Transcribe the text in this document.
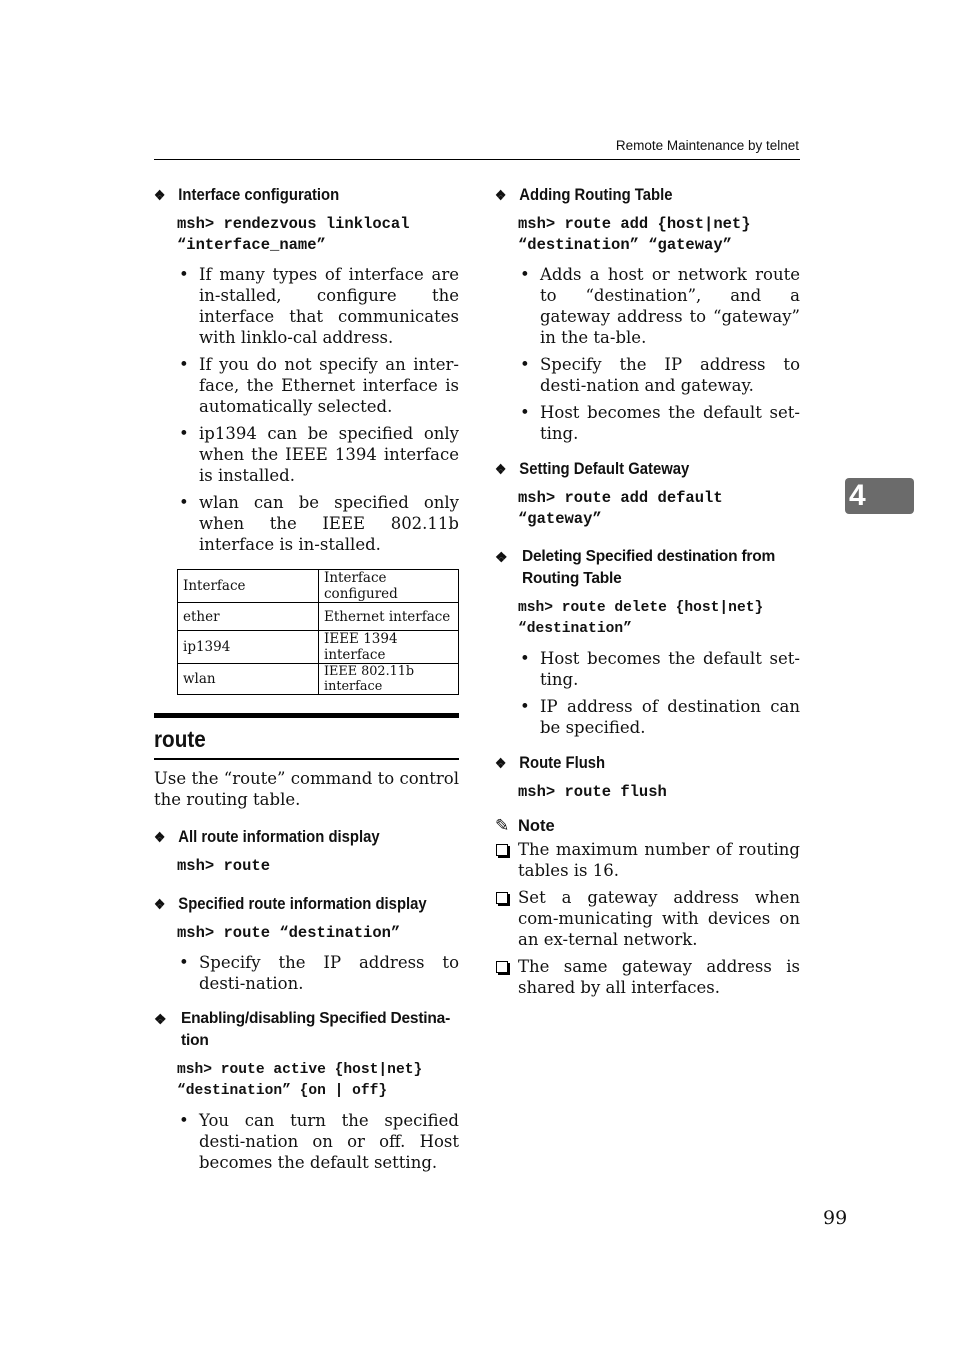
Remote Maintenance by telnet
❖ Interface configuration
msh> rendezvous linklocal
“interface_name”
• If many types of interface are in-stalled, configure the interface that communicates with linklo-cal address.
• If you do not specify an inter-face, the Ethernet interface is automatically selected.
• ip1394 can be specified only when the IEEE 1394 interface is installed.
• wlan can be specified only when the IEEE 802.11b interface is in-stalled.
Interface	Interface configured
ether	Ethernet interface
ip1394	IEEE 1394 interface
wlan	IEEE 802.11b interface
route
Use the “route” command to control the routing table.
❖ All route information display
msh> route
❖ Specified route information display
msh> route “destination”
• Specify the IP address to desti-nation.
❖ Enabling/disabling Specified Destina-tion
msh> route active {host|net}
“destination” {on | off}
• You can turn the specified desti-nation on or off. Host becomes the default setting.
❖ Adding Routing Table
msh> route add {host|net}
“destination” “gateway”
• Adds a host or network route to “destination”, and a gateway address to “gateway” in the ta-ble.
• Specify the IP address to desti-nation and gateway.
• Host becomes the default set-ting.
❖ Setting Default Gateway
msh> route add default
“gateway”
❖ Deleting Specified destination from Routing Table
msh> route delete {host|net}
“destination”
• Host becomes the default set-ting.
• IP address of destination can be specified.
❖ Route Flush
msh> route flush
✎ Note
The maximum number of routing tables is 16.
Set a gateway address when com-municating with devices on an ex-ternal network.
The same gateway address is shared by all interfaces.
4
99
